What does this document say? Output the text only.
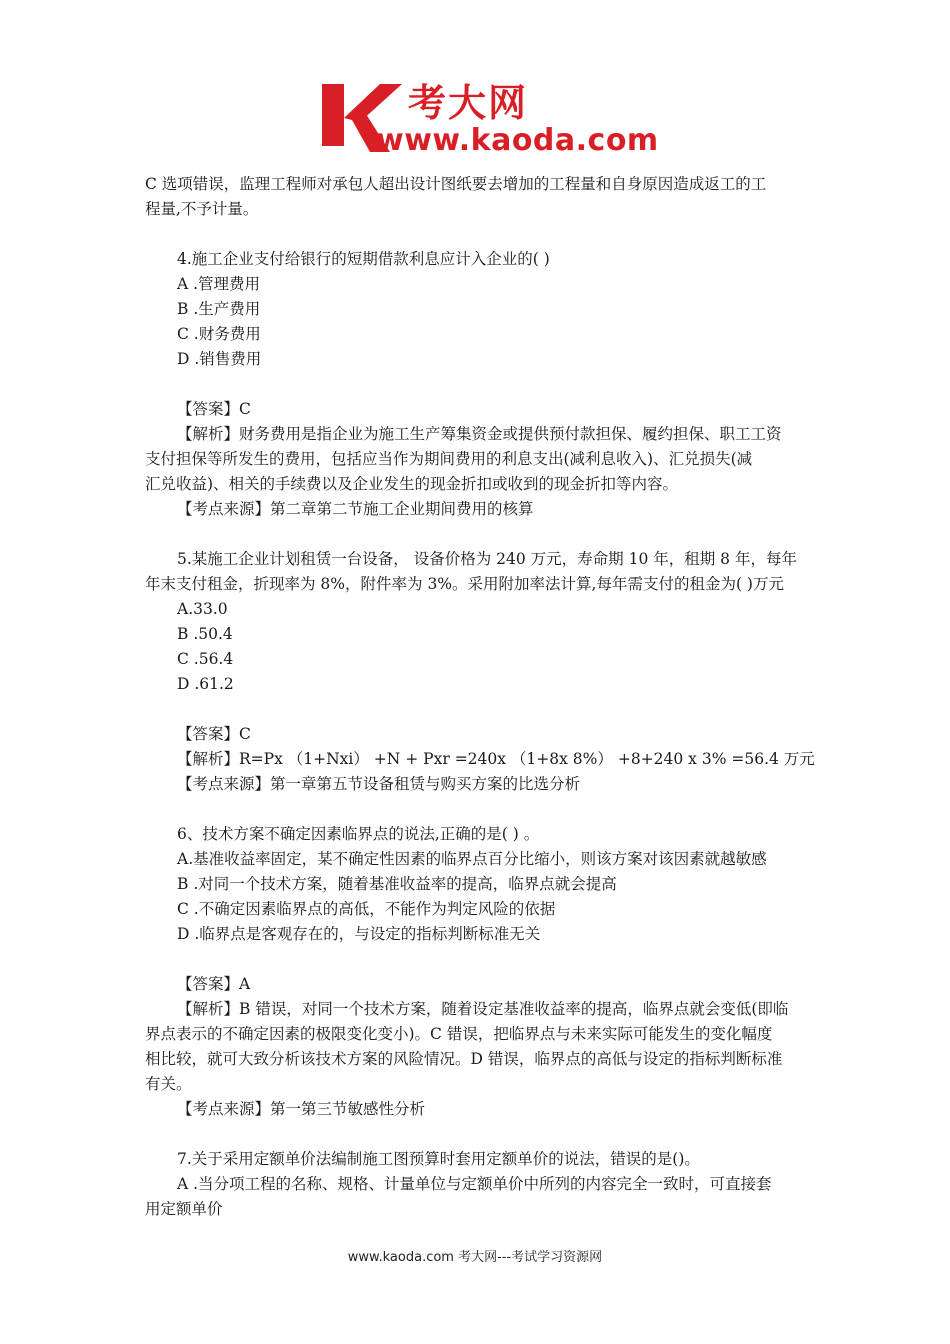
考大网
www.kaoda.com
C 选项错误，监理工程师对承包人超出设计图纸要去增加的工程量和自身原因造成返工的工
程量,不予计量。
4.施工企业支付给银行的短期借款利息应计入企业的( )
A .管理费用
B .生产费用
C .财务费用
D .销售费用
【答案】C
【解析】财务费用是指企业为施工生产筹集资金或提供预付款担保、履约担保、职工工资
支付担保等所发生的费用，包括应当作为期间费用的利息支出(减利息收入)、汇兑损失(减
汇兑收益)、相关的手续费以及企业发生的现金折扣或收到的现金折扣等内容。
【考点来源】第二章第二节施工企业期间费用的核算
5.某施工企业计划租赁一台设备， 设备价格为 240 万元，寿命期 10 年，租期 8 年，每年
年末支付租金，折现率为 8%，附件率为 3%。采用附加率法计算,每年需支付的租金为( )万元
A.33.0
B .50.4
C .56.4
D .61.2
【答案】C
【解析】R=Px （1+Nxi） +N + Pxr =240x （1+8x 8%） +8+240 x 3% =56.4 万元
【考点来源】第一章第五节设备租赁与购买方案的比选分析
6、技术方案不确定因素临界点的说法,正确的是( ) 。
A.基准收益率固定，某不确定性因素的临界点百分比缩小，则该方案对该因素就越敏感
B .对同一个技术方案，随着基准收益率的提高，临界点就会提高
C .不确定因素临界点的高低，不能作为判定风险的依据
D .临界点是客观存在的，与设定的指标判断标准无关
【答案】A
【解析】B 错误，对同一个技术方案，随着设定基准收益率的提高，临界点就会变低(即临
界点表示的不确定因素的极限变化变小)。C 错误，把临界点与未来实际可能发生的变化幅度
相比较，就可大致分析该技术方案的风险情况。D 错误，临界点的高低与设定的指标判断标准
有关。
【考点来源】第一第三节敏感性分析
7.关于采用定额单价法编制施工图预算时套用定额单价的说法，错误的是()。
A .当分项工程的名称、规格、计量单位与定额单价中所列的内容完全一致时，可直接套
用定额单价
www.kaoda.com 考大网---考试学习资源网
